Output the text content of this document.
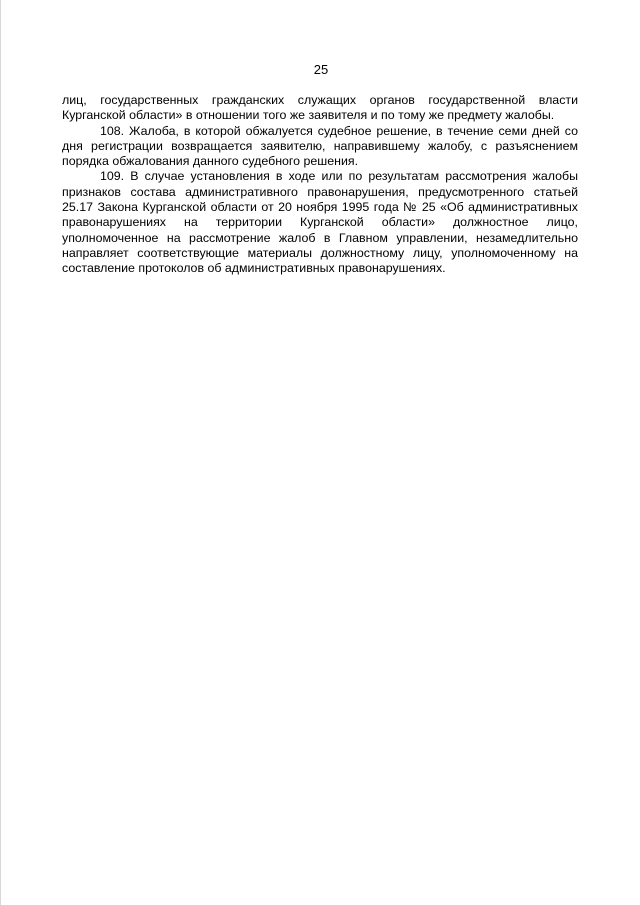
25

лиц, государственных гражданских служащих органов государственной власти Курганской области» в отношении того же заявителя и по тому же предмету жалобы.

108. Жалоба, в которой обжалуется судебное решение, в течение семи дней со дня регистрации возвращается заявителю, направившему жалобу, с разъяснением порядка обжалования данного судебного решения.

109. В случае установления в ходе или по результатам рассмотрения жалобы признаков состава административного правонарушения, предусмотренного статьей 25.17 Закона Курганской области от 20 ноября 1995 года № 25 «Об административных правонарушениях на территории Курганской области» должностное лицо, уполномоченное на рассмотрение жалоб в Главном управлении, незамедлительно направляет соответствующие материалы должностному лицу, уполномоченному на составление протоколов об административных правонарушениях.
